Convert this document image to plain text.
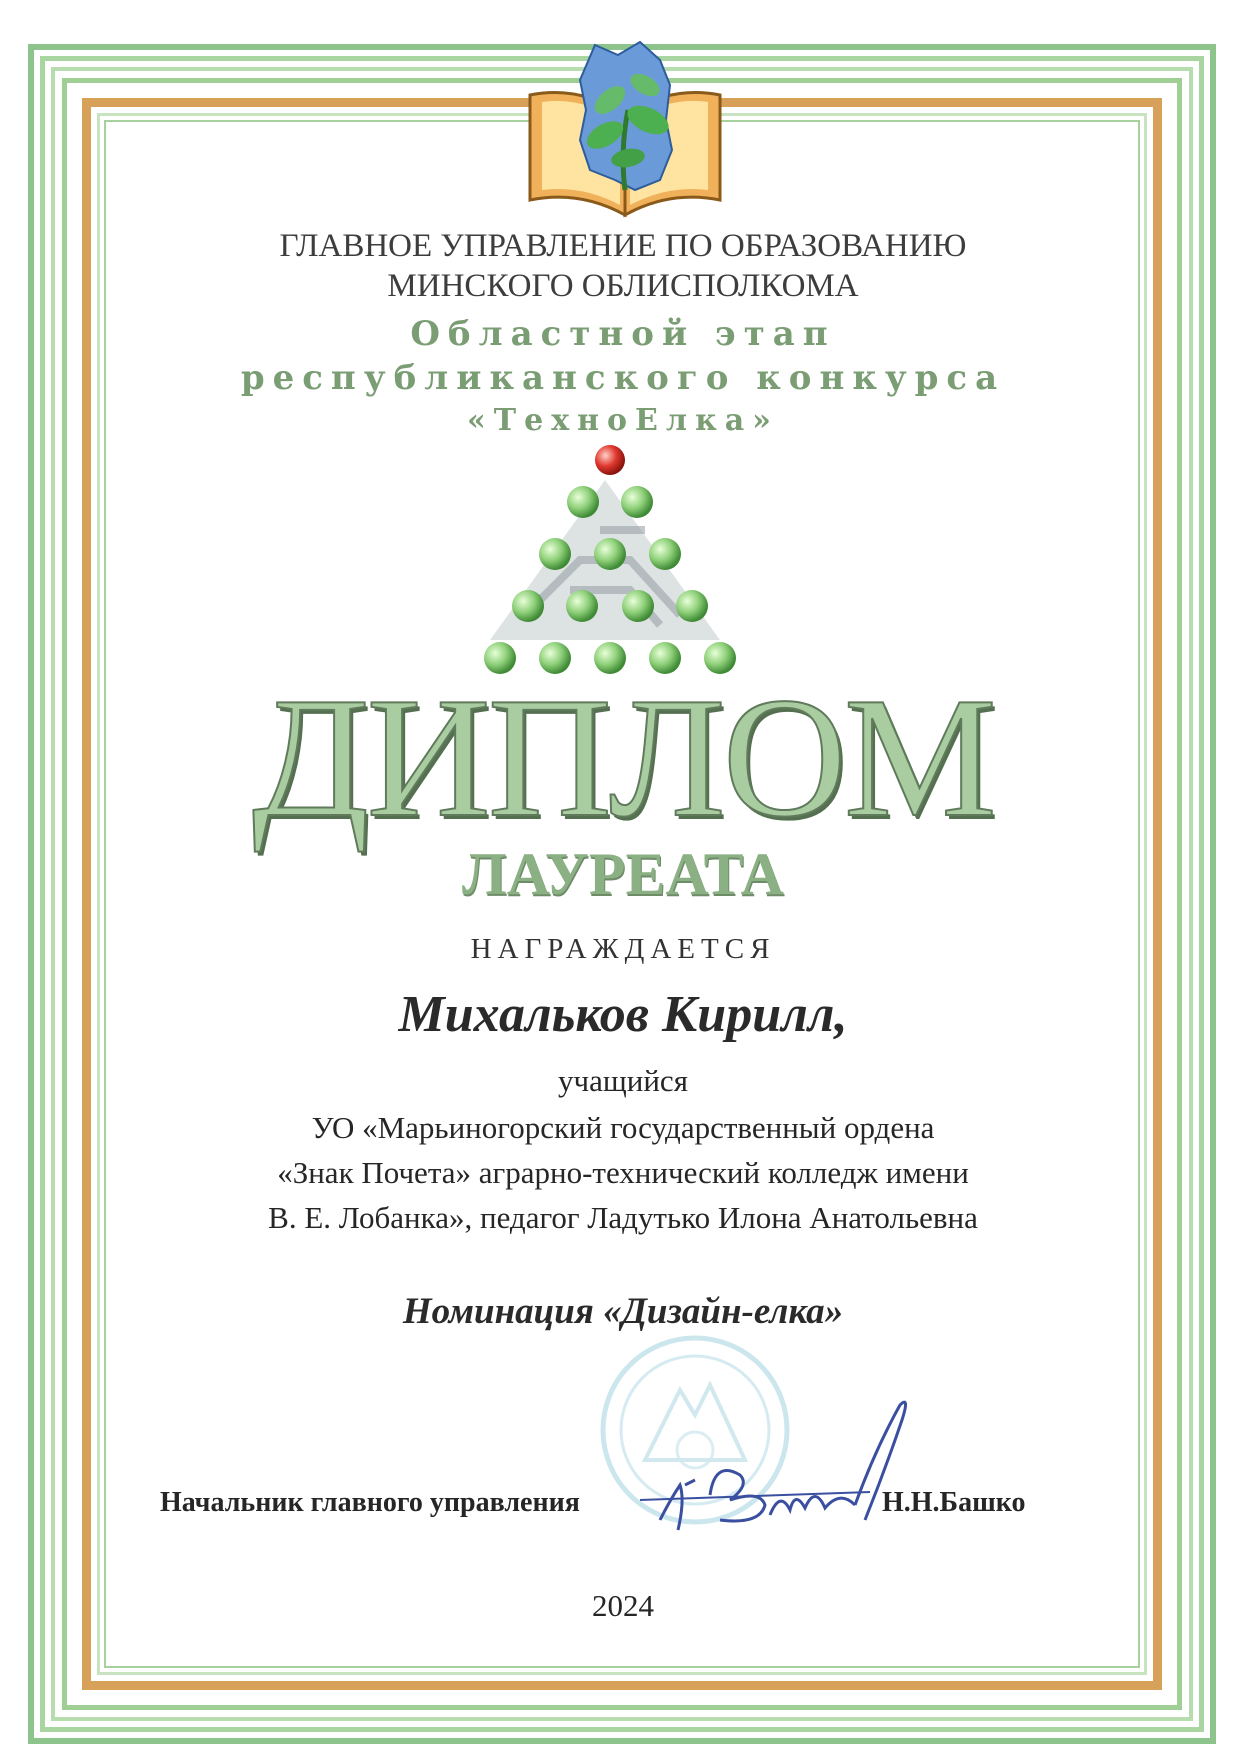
ГЛАВНОЕ УПРАВЛЕНИЕ ПО ОБРАЗОВАНИЮ
МИНСКОГО ОБЛИСПОЛКОМА
Областной этап
республиканского конкурса
«ТехноЕлка»
ДИПЛОМ
ЛАУРЕАТА
НАГРАЖДАЕТСЯ
Михальков Кирилл,
учащийся
УО «Марьиногорский государственный ордена
«Знак Почета» аграрно-технический колледж имени
В. Е. Лобанка», педагог Ладутько Илона Анатольевна
Номинация «Дизайн-елка»
Начальник главного управления	Н.Н.Башко
2024
